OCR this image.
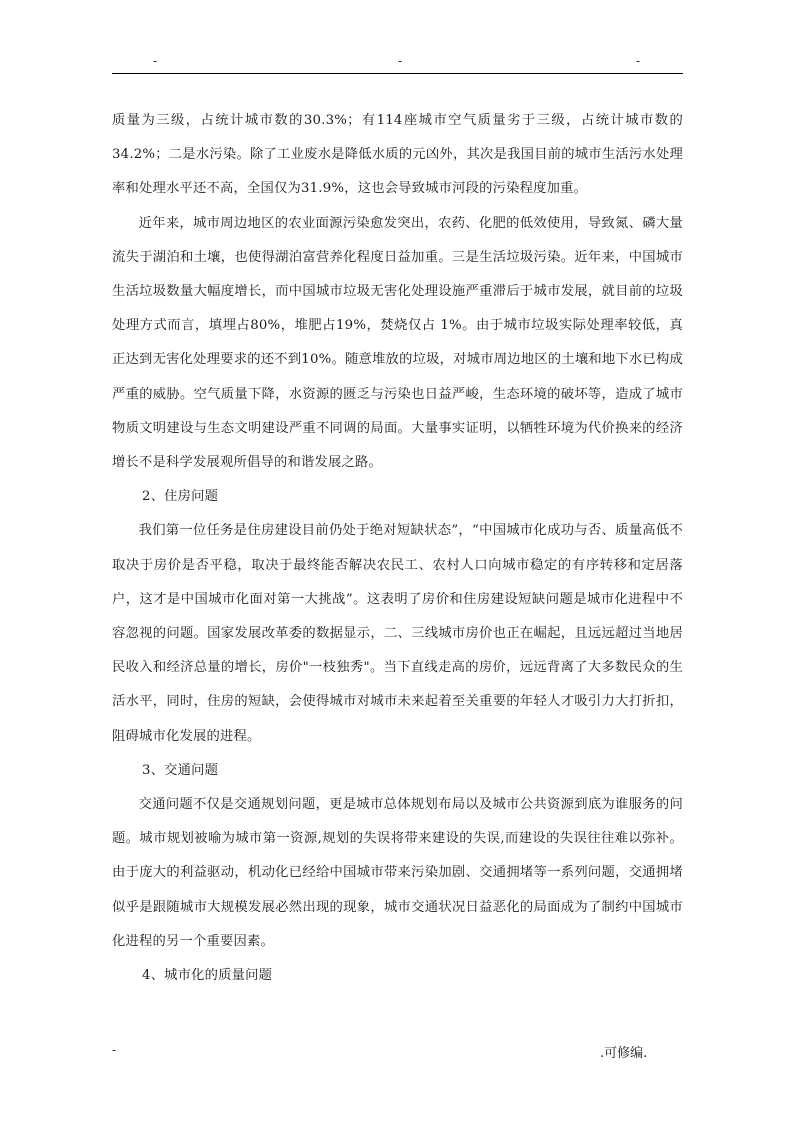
-	-	-

质量为三级，占统计城市数的30.3%；有114座城市空气质量劣于三级，占统计城市数的34.2%；二是水污染。除了工业废水是降低水质的元凶外，其次是我国目前的城市生活污水处理率和处理水平还不高，全国仅为31.9%，这也会导致城市河段的污染程度加重。

近年来，城市周边地区的农业面源污染愈发突出，农药、化肥的低效使用，导致氮、磷大量流失于湖泊和土壤，也使得湖泊富营养化程度日益加重。三是生活垃圾污染。近年来，中国城市生活垃圾数量大幅度增长，而中国城市垃圾无害化处理设施严重滞后于城市发展，就目前的垃圾处理方式而言，填埋占80%，堆肥占19%，焚烧仅占 1%。由于城市垃圾实际处理率较低，真正达到无害化处理要求的还不到10%。随意堆放的垃圾，对城市周边地区的土壤和地下水已构成严重的威胁。空气质量下降，水资源的匮乏与污染也日益严峻，生态环境的破坏等，造成了城市物质文明建设与生态文明建设严重不同调的局面。大量事实证明，以牺牲环境为代价换来的经济增长不是科学发展观所倡导的和谐发展之路。

2、住房问题

我们第一位任务是住房建设目前仍处于绝对短缺状态”，“中国城市化成功与否、质量高低不取决于房价是否平稳，取决于最终能否解决农民工、农村人口向城市稳定的有序转移和定居落户，这才是中国城市化面对第一大挑战”。这表明了房价和住房建设短缺问题是城市化进程中不容忽视的问题。国家发展改革委的数据显示，二、三线城市房价也正在崛起，且远远超过当地居民收入和经济总量的增长，房价"一枝独秀"。当下直线走高的房价，远远背离了大多数民众的生活水平，同时，住房的短缺，会使得城市对城市未来起着至关重要的年轻人才吸引力大打折扣，阻碍城市化发展的进程。

3、交通问题

交通问题不仅是交通规划问题，更是城市总体规划布局以及城市公共资源到底为谁服务的问题。城市规划被喻为城市第一资源,规划的失误将带来建设的失误,而建设的失误往往难以弥补。由于庞大的利益驱动，机动化已经给中国城市带来污染加剧、交通拥堵等一系列问题，交通拥堵似乎是跟随城市大规模发展必然出现的现象，城市交通状况日益恶化的局面成为了制约中国城市化进程的另一个重要因素。

4、城市化的质量问题

-	.可修编.
